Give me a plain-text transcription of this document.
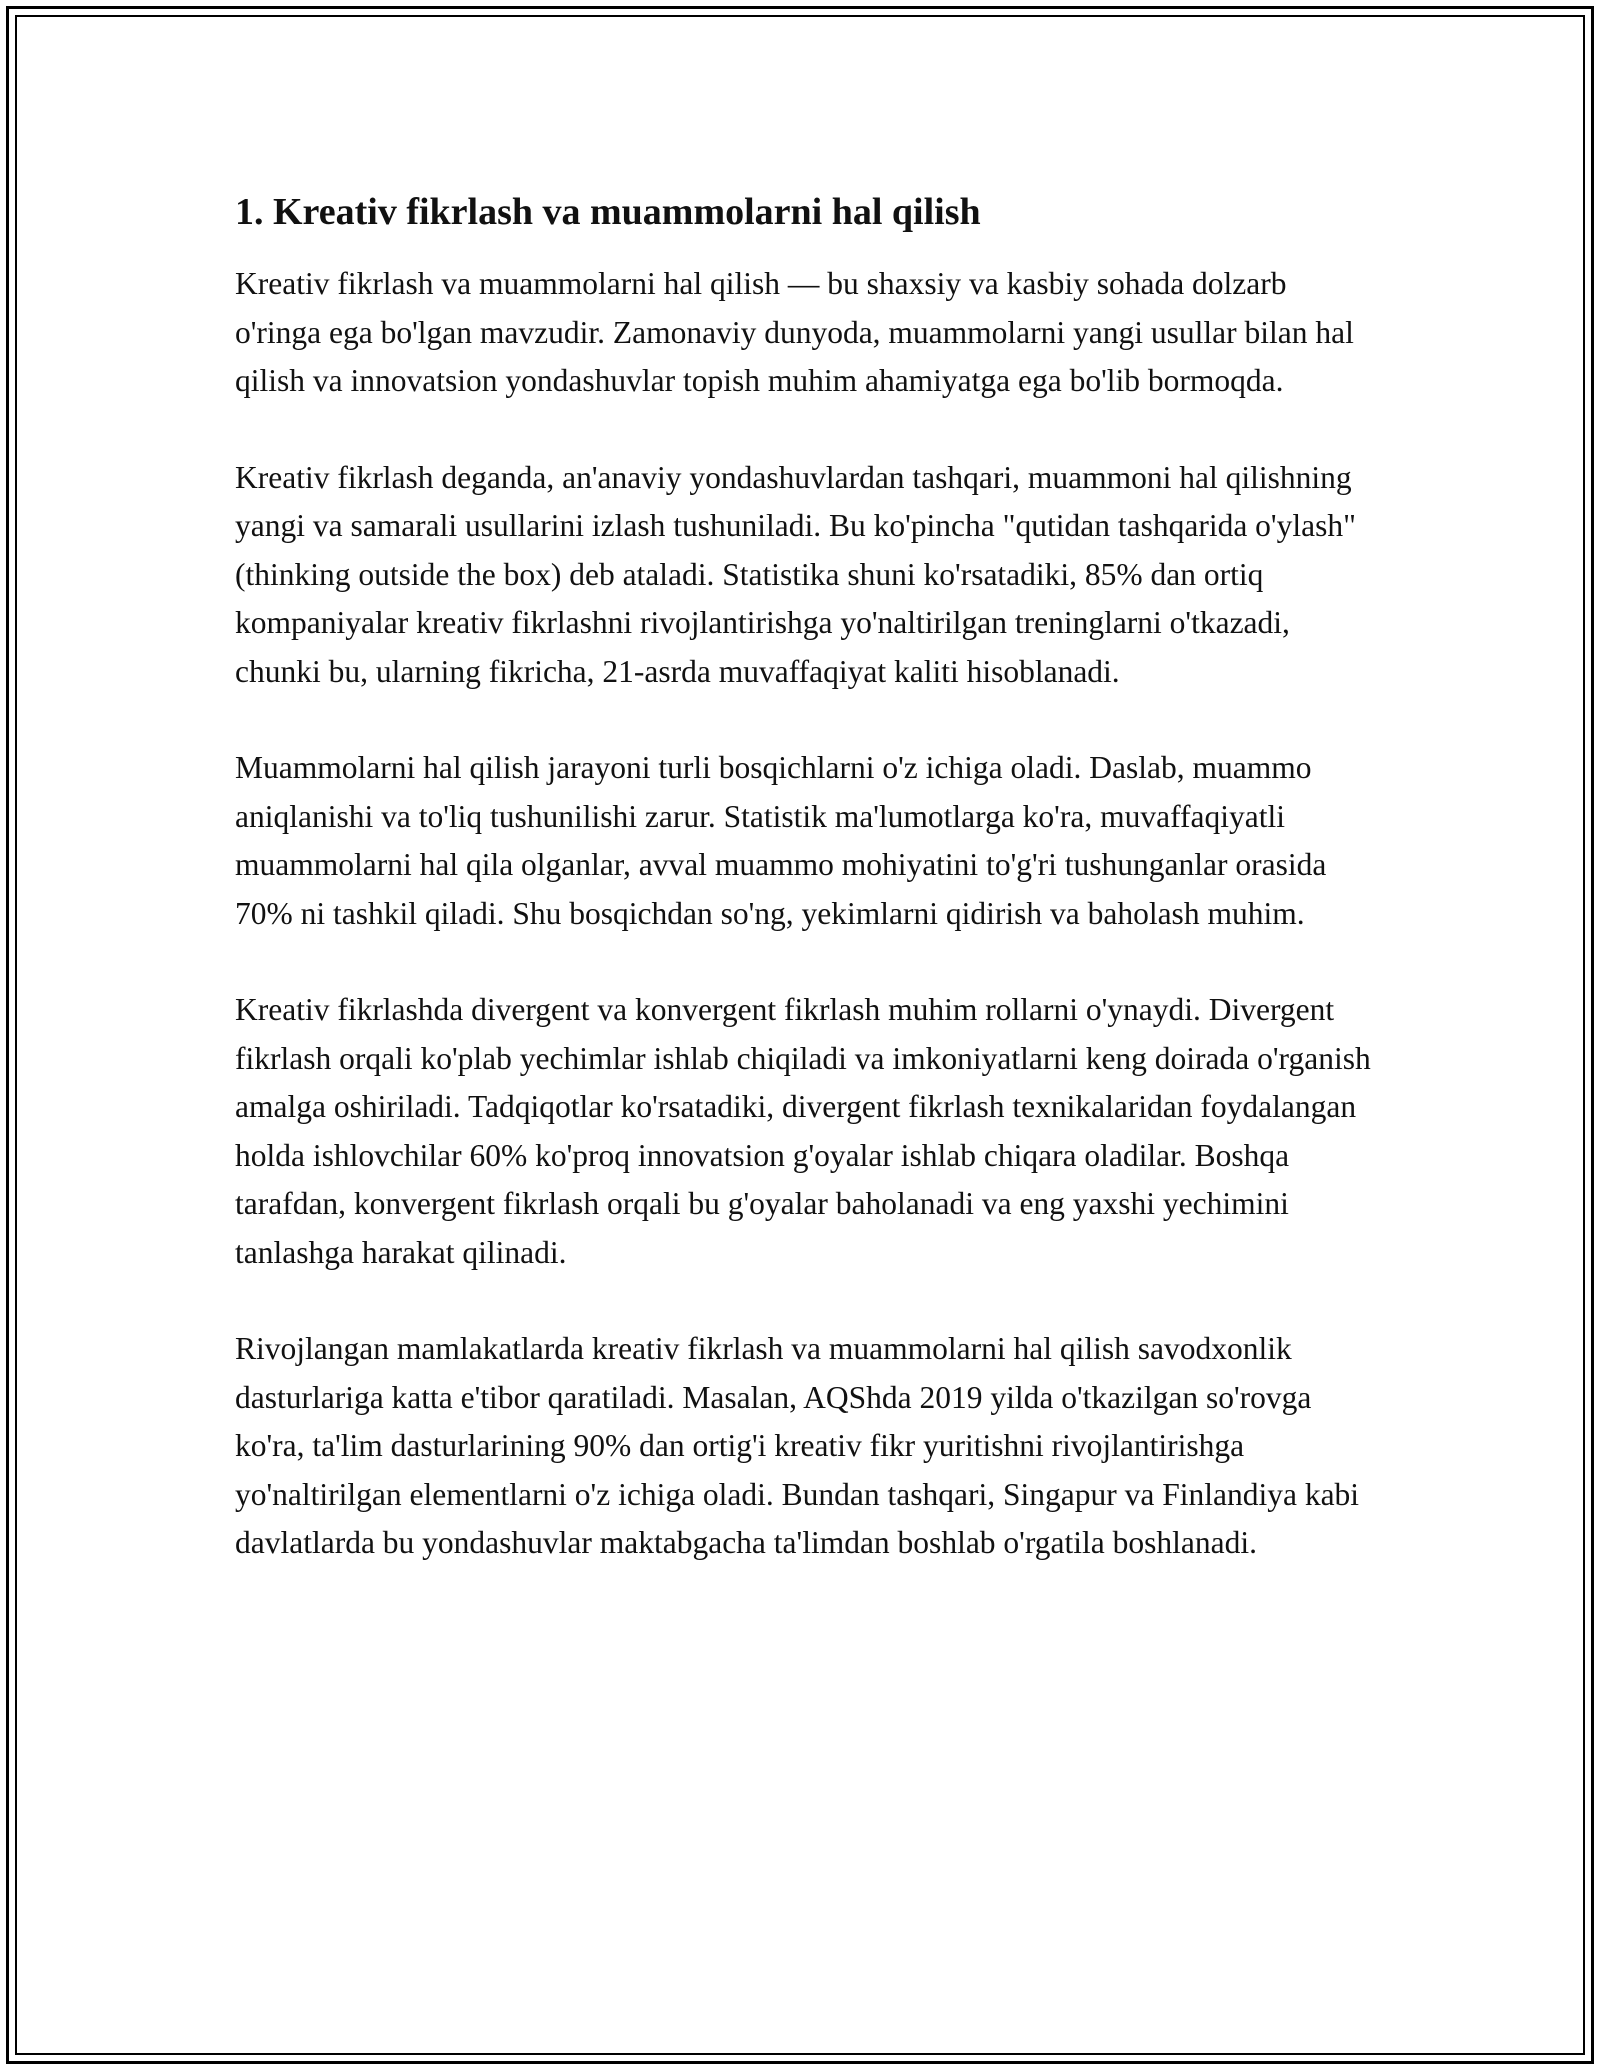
1. Kreativ fikrlash va muammolarni hal qilish

Kreativ fikrlash va muammolarni hal qilish — bu shaxsiy va kasbiy sohada dolzarb o'ringa ega bo'lgan mavzudir. Zamonaviy dunyoda, muammolarni yangi usullar bilan hal qilish va innovatsion yondashuvlar topish muhim ahamiyatga ega bo'lib bormoqda.

Kreativ fikrlash deganda, an'anaviy yondashuvlardan tashqari, muammoni hal qilishning yangi va samarali usullarini izlash tushuniladi. Bu ko'pincha "qutidan tashqarida o'ylash" (thinking outside the box) deb ataladi. Statistika shuni ko'rsatadiki, 85% dan ortiq kompaniyalar kreativ fikrlashni rivojlantirishga yo'naltirilgan treninglarni o'tkazadi, chunki bu, ularning fikricha, 21-asrda muvaffaqiyat kaliti hisoblanadi.

Muammolarni hal qilish jarayoni turli bosqichlarni o'z ichiga oladi. Daslab, muammo aniqlanishi va to'liq tushunilishi zarur. Statistik ma'lumotlarga ko'ra, muvaffaqiyatli muammolarni hal qila olganlar, avval muammo mohiyatini to'g'ri tushunganlar orasida 70% ni tashkil qiladi. Shu bosqichdan so'ng, yekimlarni qidirish va baholash muhim.

Kreativ fikrlashda divergent va konvergent fikrlash muhim rollarni o'ynaydi. Divergent fikrlash orqali ko'plab yechimlar ishlab chiqiladi va imkoniyatlarni keng doirada o'rganish amalga oshiriladi. Tadqiqotlar ko'rsatadiki, divergent fikrlash texnikalaridan foydalangan holda ishlovchilar 60% ko'proq innovatsion g'oyalar ishlab chiqara oladilar. Boshqa tarafdan, konvergent fikrlash orqali bu g'oyalar baholanadi va eng yaxshi yechimini tanlashga harakat qilinadi.

Rivojlangan mamlakatlarda kreativ fikrlash va muammolarni hal qilish savodxonlik dasturlariga katta e'tibor qaratiladi. Masalan, AQShda 2019 yilda o'tkazilgan so'rovga ko'ra, ta'lim dasturlarining 90% dan ortig'i kreativ fikr yuritishni rivojlantirishga yo'naltirilgan elementlarni o'z ichiga oladi. Bundan tashqari, Singapur va Finlandiya kabi davlatlarda bu yondashuvlar maktabgacha ta'limdan boshlab o'rgatila boshlanadi.
